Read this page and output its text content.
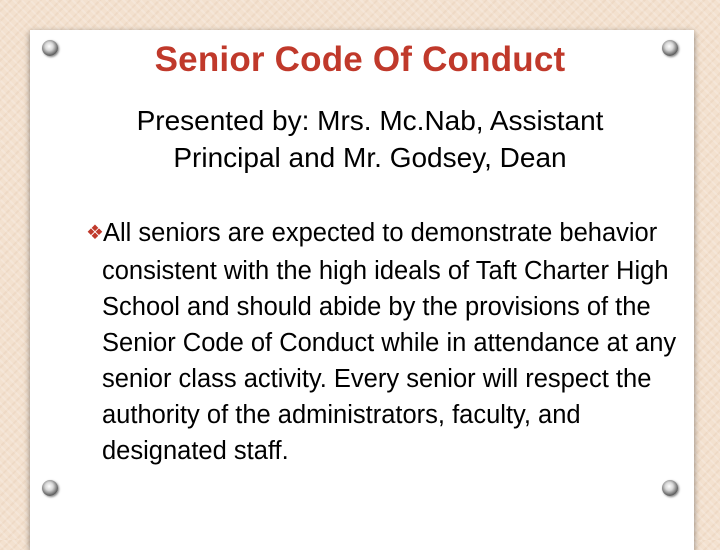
Senior Code Of Conduct
Presented by: Mrs. Mc.Nab, Assistant Principal and Mr. Godsey, Dean
❖All seniors are expected to demonstrate behavior consistent with the high ideals of Taft Charter High School and should abide by the provisions of the Senior Code of Conduct while in attendance at any senior class activity. Every senior will respect the authority of the administrators, faculty, and designated staff.
